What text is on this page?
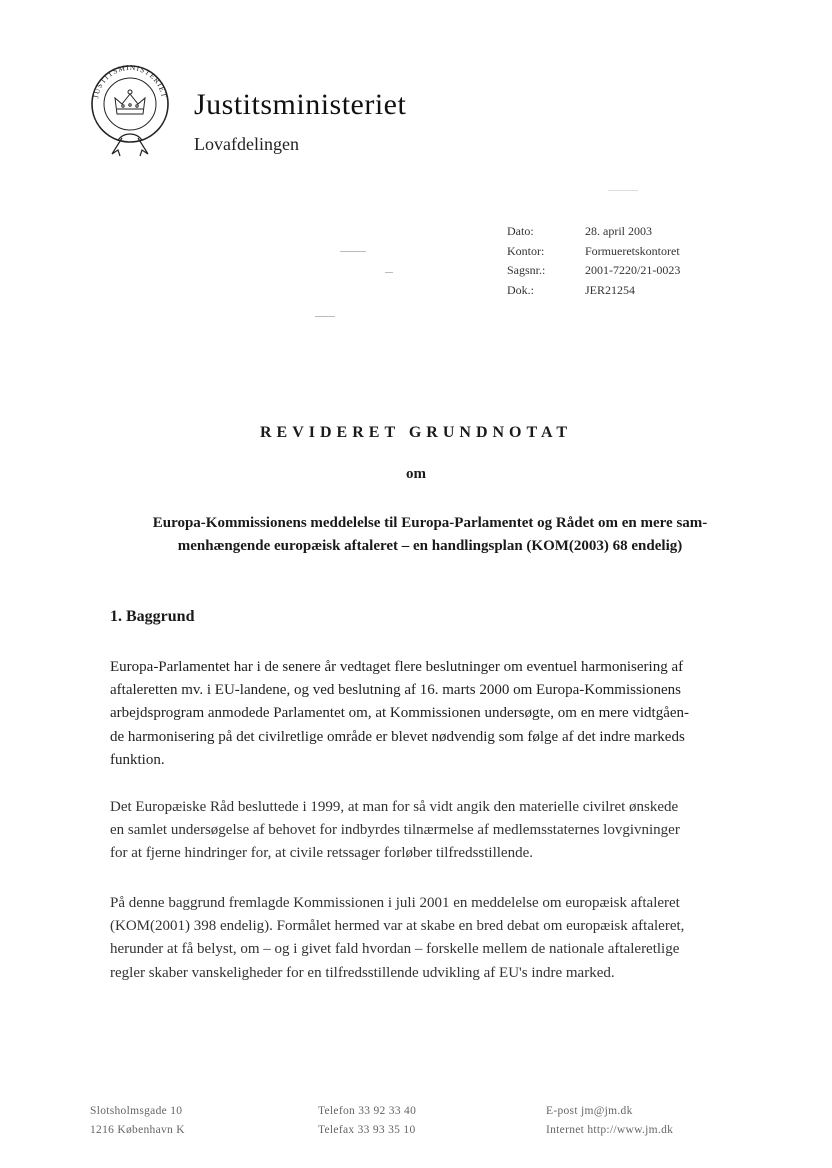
JUSTITSMINISTERIET Justitsministeriet
Lovafdelingen
Dato:	28. april 2003
Kontor:	Formueretskontoret
Sagsnr.:	2001-7220/21-0023
Dok.:	JER21254
REVIDERET GRUNDNOTAT
om
Europa-Kommissionens meddelelse til Europa-Parlamentet og Rådet om en mere sam-
menhængende europæisk aftaleret – en handlingsplan (KOM(2003) 68 endelig)
1. Baggrund
Europa-Parlamentet har i de senere år vedtaget flere beslutninger om eventuel harmonisering af
aftaleretten mv. i EU-landene, og ved beslutning af 16. marts 2000 om Europa-Kommissionens
arbejdsprogram anmodede Parlamentet om, at Kommissionen undersøgte, om en mere vidtgåen-
de harmonisering på det civilretlige område er blevet nødvendig som følge af det indre markeds
funktion.
Det Europæiske Råd besluttede i 1999, at man for så vidt angik den materielle civilret ønskede
en samlet undersøgelse af behovet for indbyrdes tilnærmelse af medlemsstaternes lovgivninger
for at fjerne hindringer for, at civile retssager forløber tilfredsstillende.
På denne baggrund fremlagde Kommissionen i juli 2001 en meddelelse om europæisk aftaleret
(KOM(2001) 398 endelig). Formålet hermed var at skabe en bred debat om europæisk aftaleret,
herunder at få belyst, om – og i givet fald hvordan – forskelle mellem de nationale aftaleretlige
regler skaber vanskeligheder for en tilfredsstillende udvikling af EU's indre marked.
Slotsholmsgade 10
1216 København K
Telefon 33 92 33 40
Telefax 33 93 35 10
E-post jm@jm.dk
Internet http://www.jm.dk
